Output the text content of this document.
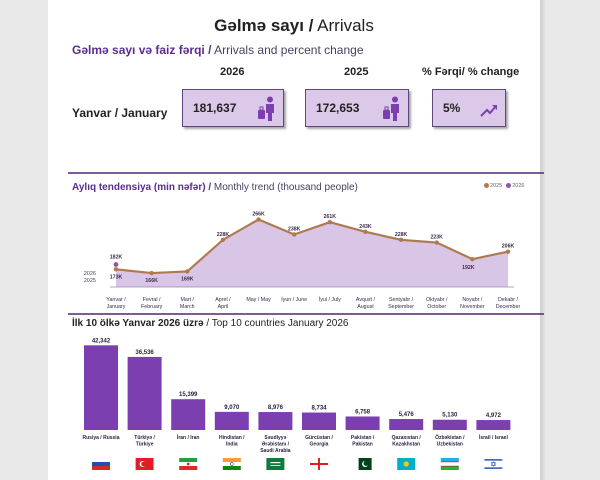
Gəlmə sayı / Arrivals
Gəlmə sayı və faiz fərqi / Arrivals and percent change
2026	2025	% Fərqi/ % change
Yanvar / January 181,637	172,653	5%
Aylıq tendensiya (min nəfər) / Monthly trend (thousand people)	2025	2026
173K
166K	169K
228K
266K
238K
261K
243K
228K	223K
192K
206K
182K
2026
2025
Yanvar /
January
Fevral /
February
Mart /
March
Aprel /
April
May / May İyun / June İyul / July	Avqust /
August
Sentyabr /
September
Oktyabr /
October
Noyabr /
November
Dekabr /
December
İlk 10 ölkə Yanvar 2026 üzrə / Top 10 countries January 2026
42,342
Rusiya / Russia
36,536
Türkiyə /
Türkiye
15,399
İran / Iran
9,070
Hindistan /
India
8,976
Səudiyyə
Ərəbistanı /
Saudi Arabia
8,734
Gürcüstan /
Georgia
6,758
Pakistan /
Pakistan
5,476
Qazaxıstan /
Kazakhstan
5,130
Özbəkistan /
Uzbekistan
4,972
İsrail / Israel
